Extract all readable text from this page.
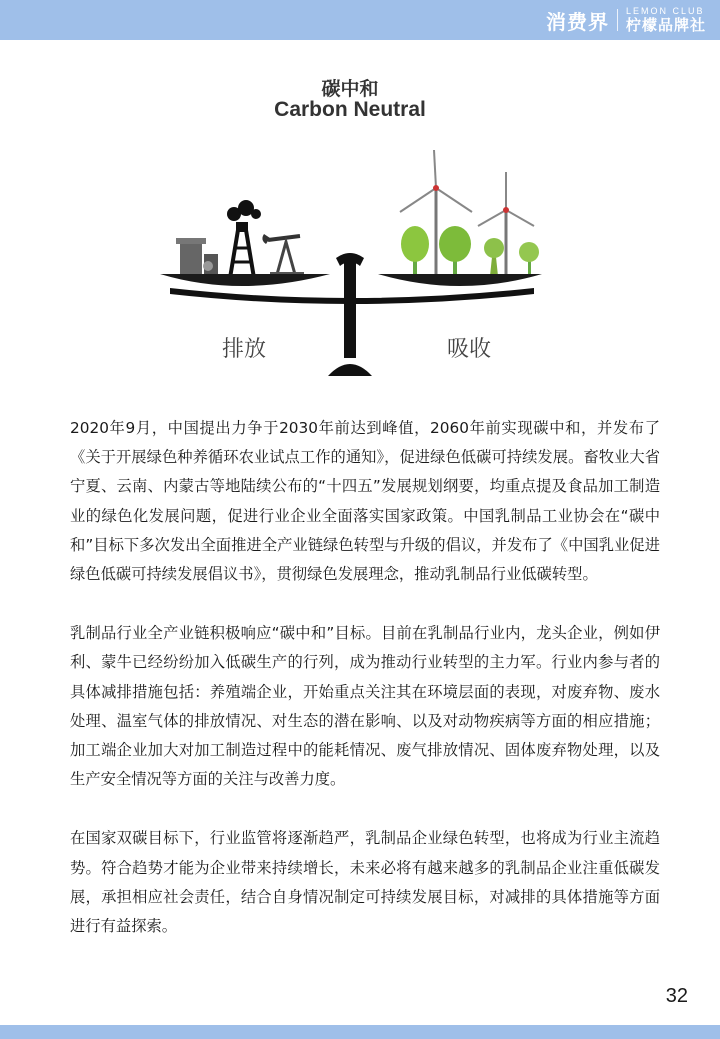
消费界 LEMON CLUB
柠檬品牌社
碳中和
Carbon Neutral
排放	吸收

2020年9月，中国提出力争于2030年前达到峰值，2060年前实现碳中和，并发布了《关于开展绿色种养循环农业试点工作的通知》，促进绿色低碳可持续发展。畜牧业大省宁夏、云南、内蒙古等地陆续公布的“十四五”发展规划纲要，均重点提及食品加工制造业的绿色化发展问题，促进行业企业全面落实国家政策。中国乳制品工业协会在“碳中和”目标下多次发出全面推进全产业链绿色转型与升级的倡议，并发布了《中国乳业促进绿色低碳可持续发展倡议书》，贯彻绿色发展理念，推动乳制品行业低碳转型。

乳制品行业全产业链积极响应“碳中和”目标。目前在乳制品行业内，龙头企业，例如伊利、蒙牛已经纷纷加入低碳生产的行列，成为推动行业转型的主力军。行业内参与者的具体减排措施包括：养殖端企业，开始重点关注其在环境层面的表现，对废弃物、废水处理、温室气体的排放情况、对生态的潜在影响、以及对动物疾病等方面的相应措施；加工端企业加大对加工制造过程中的能耗情况、废气排放情况、固体废弃物处理，以及生产安全情况等方面的关注与改善力度。

在国家双碳目标下，行业监管将逐渐趋严，乳制品企业绿色转型，也将成为行业主流趋势。符合趋势才能为企业带来持续增长，未来必将有越来越多的乳制品企业注重低碳发展，承担相应社会责任，结合自身情况制定可持续发展目标，对减排的具体措施等方面进行有益探索。

32
